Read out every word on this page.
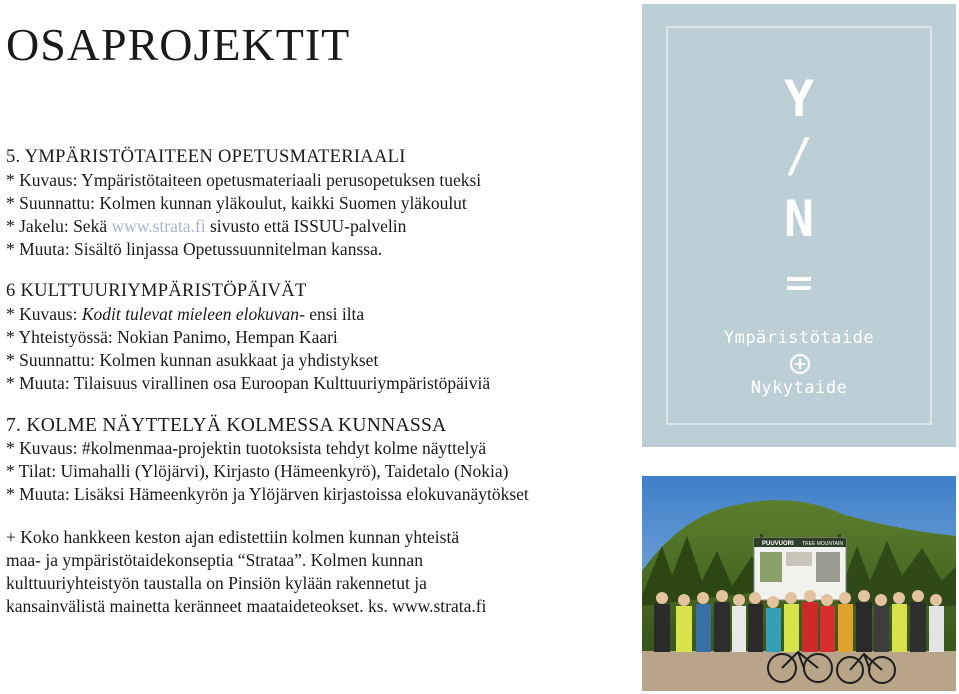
OSAPROJEKTIT
5. YMPÄRISTÖTAITEEN OPETUSMATERIAALI
* Kuvaus: Ympäristötaiteen opetusmateriaali perusopetuksen tueksi
* Suunnattu: Kolmen kunnan yläkoulut, kaikki Suomen yläkoulut
* Jakelu: Sekä www.strata.fi sivusto että ISSUU-palvelin
* Muuta: Sisältö linjassa Opetussuunnitelman kanssa.
6 KULTTUURIYMPÄRISTÖPÄIVÄT
* Kuvaus: Kodit tulevat mieleen elokuvan- ensi ilta
* Yhteistyössä: Nokian Panimo, Hempan Kaari
* Suunnattu: Kolmen kunnan asukkaat ja yhdistykset
* Muuta: Tilaisuus virallinen osa Euroopan Kulttuuriympäristöpäiviä
7. KOLME NÄYTTELYÄ KOLMESSA KUNNASSA
* Kuvaus: #kolmenmaa-projektin tuotoksista tehdyt kolme näyttelyä
* Tilat: Uimahalli (Ylöjärvi), Kirjasto (Hämeenkyrö), Taidetalo (Nokia)
* Muuta: Lisäksi Hämeenkyrön ja Ylöjärven kirjastoissa elokuvanäytökset
+ Koko hankkeen keston ajan edistettiin kolmen kunnan yhteistä
maa- ja ympäristötaidekonseptia “Strataa”. Kolmen kunnan
kulttuuriyhteistyön taustalla on Pinsiön kylään rakennetut ja
kansainvälistä mainetta keränneet maataideteokset. ks. www.strata.fi
Y
/
N
=
Ympäristötaide
Nykytaide
PUUVUORI TREE MOUNTAIN
